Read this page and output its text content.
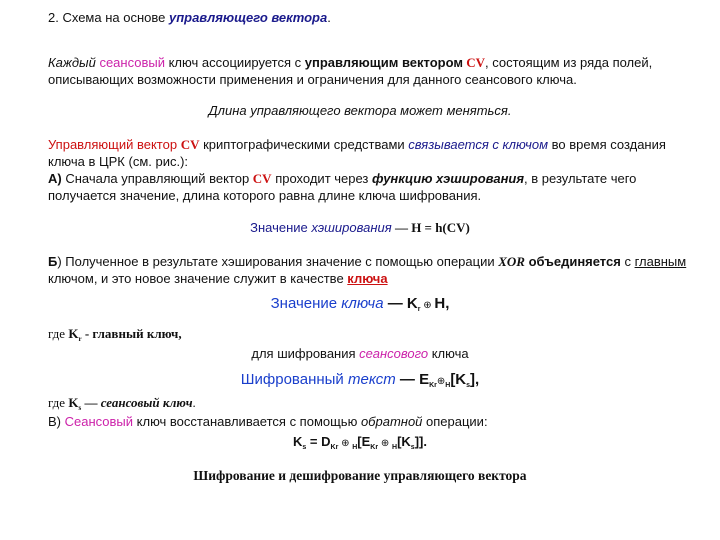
2. Схема на основе управляющего вектора.
Каждый сеансовый ключ ассоциируется с управляющим вектором CV, состоящим из ряда полей,
описывающих возможности применения и ограничения для данного сеансового ключа.
Длина управляющего вектора может меняться.
Управляющий вектор CV криптографическими средствами связывается с ключом во время создания
ключа в ЦРК (см. рис.):
А) Сначала управляющий вектор CV проходит через функцию хэширования, в результате чего
получается значение, длина которого равна длине ключа шифрования.
Значение хэширования — H = h(CV)
Б) Полученное в результате хэширования значение с помощью операции XOR объединяется с главным
ключом, и это новое значение служит в качестве ключа
Значение ключа — $K_r$ ⊕ H,
где $K_r$ - главный ключ,
для шифрования сеансового ключа
Шифрованный текст — $E_{Kr}\oplus_H[K_s]$,
где $K_s$ — сеансовый ключ.
В) Сеансовый ключ восстанавливается с помощью обратной операции:
$K_s = D_{Kr}$ ⊕ $_H[E_{Kr}$ ⊕ $_H[K_s]$].
Шифрование и дешифрование управляющего вектора
